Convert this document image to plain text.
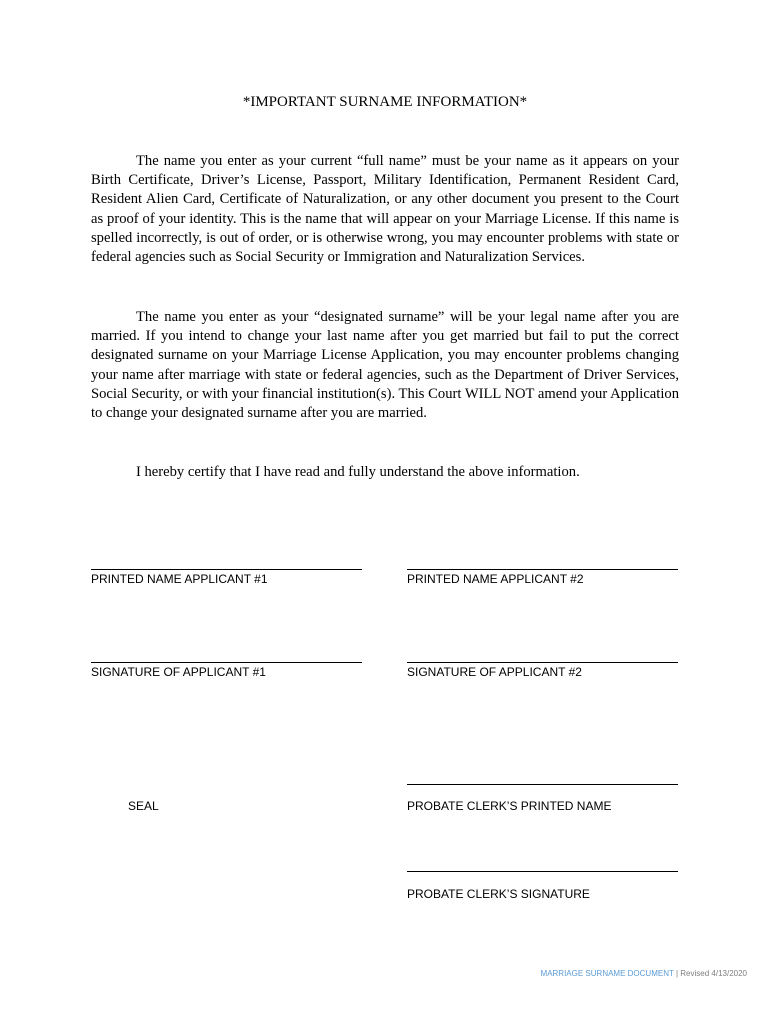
*IMPORTANT SURNAME INFORMATION*

The name you enter as your current “full name” must be your name as it appears on your Birth Certificate, Driver’s License, Passport, Military Identification, Permanent Resident Card, Resident Alien Card, Certificate of Naturalization, or any other document you present to the Court as proof of your identity. This is the name that will appear on your Marriage License. If this name is spelled incorrectly, is out of order, or is otherwise wrong, you may encounter problems with state or federal agencies such as Social Security or Immigration and Naturalization Services.

The name you enter as your “designated surname” will be your legal name after you are married. If you intend to change your last name after you get married but fail to put the correct designated surname on your Marriage License Application, you may encounter problems changing your name after marriage with state or federal agencies, such as the Department of Driver Services, Social Security, or with your financial institution(s). This Court WILL NOT amend your Application to change your designated surname after you are married.

I hereby certify that I have read and fully understand the above information.

PRINTED NAME APPLICANT #1	PRINTED NAME APPLICANT #2
SIGNATURE OF APPLICANT #1	SIGNATURE OF APPLICANT #2
SEAL	PROBATE CLERK’S PRINTED NAME
PROBATE CLERK’S SIGNATURE
MARRIAGE SURNAME DOCUMENT | Revised 4/13/2020
